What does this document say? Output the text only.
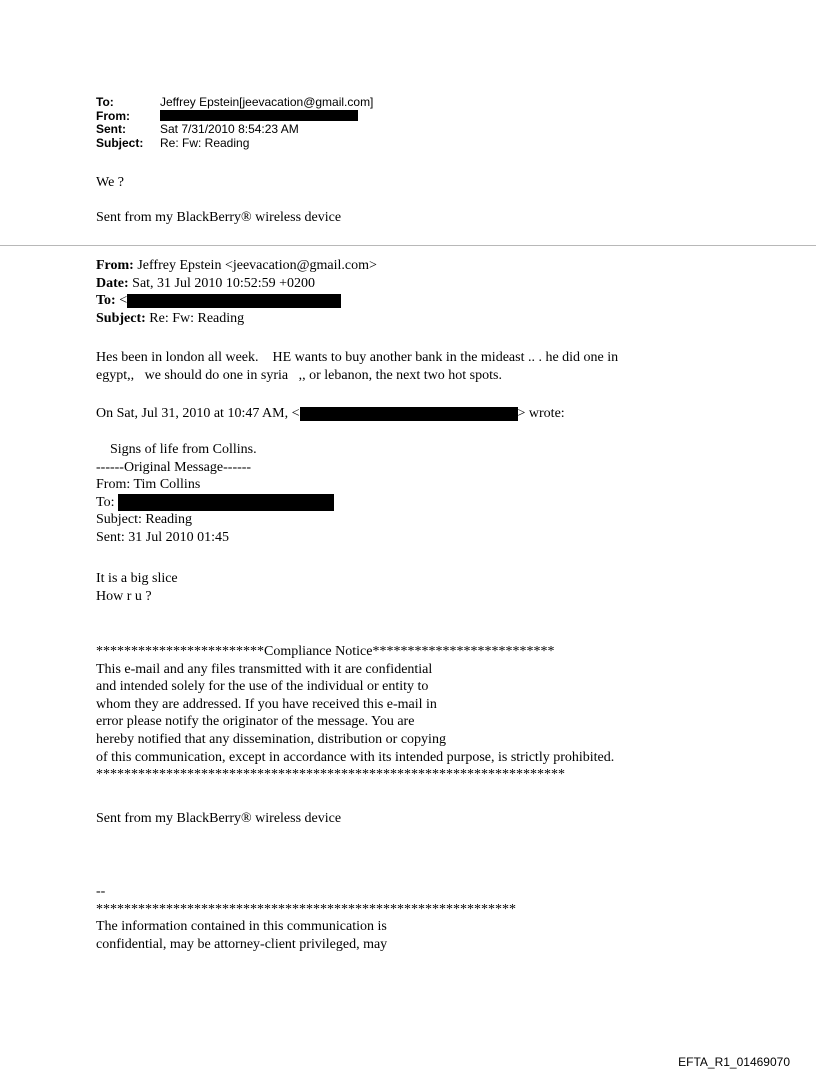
To:	Jeffrey Epstein[jeevacation@gmail.com]
From:
Sent:	Sat 7/31/2010 8:54:23 AM
Subject:	Re: Fw: Reading
We ?
Sent from my BlackBerry® wireless device
From: Jeffrey Epstein <jeevacation@gmail.com>
Date: Sat, 31 Jul 2010 10:52:59 +0200
To: <
Subject: Re: Fw: Reading
Hes been in london all week.    HE wants to buy another bank in the mideast .. . he did one in
egypt,,   we should do one in syria   ,, or lebanon, the next two hot spots.
On Sat, Jul 31, 2010 at 10:47 AM, <	> wrote:
Signs of life from Collins.
------Original Message------
From: Tim Collins
To:
Subject: Reading
Sent: 31 Jul 2010 01:45
It is a big slice
How r u ?
************************Compliance Notice**************************
This e-mail and any files transmitted with it are confidential
and intended solely for the use of the individual or entity to
whom they are addressed. If you have received this e-mail in
error please notify the originator of the message. You are
hereby notified that any dissemination, distribution or copying
of this communication, except in accordance with its intended purpose, is strictly prohibited.
*******************************************************************
Sent from my BlackBerry® wireless device
--
************************************************************
The information contained in this communication is
confidential, may be attorney-client privileged, may
EFTA_R1_01469070
